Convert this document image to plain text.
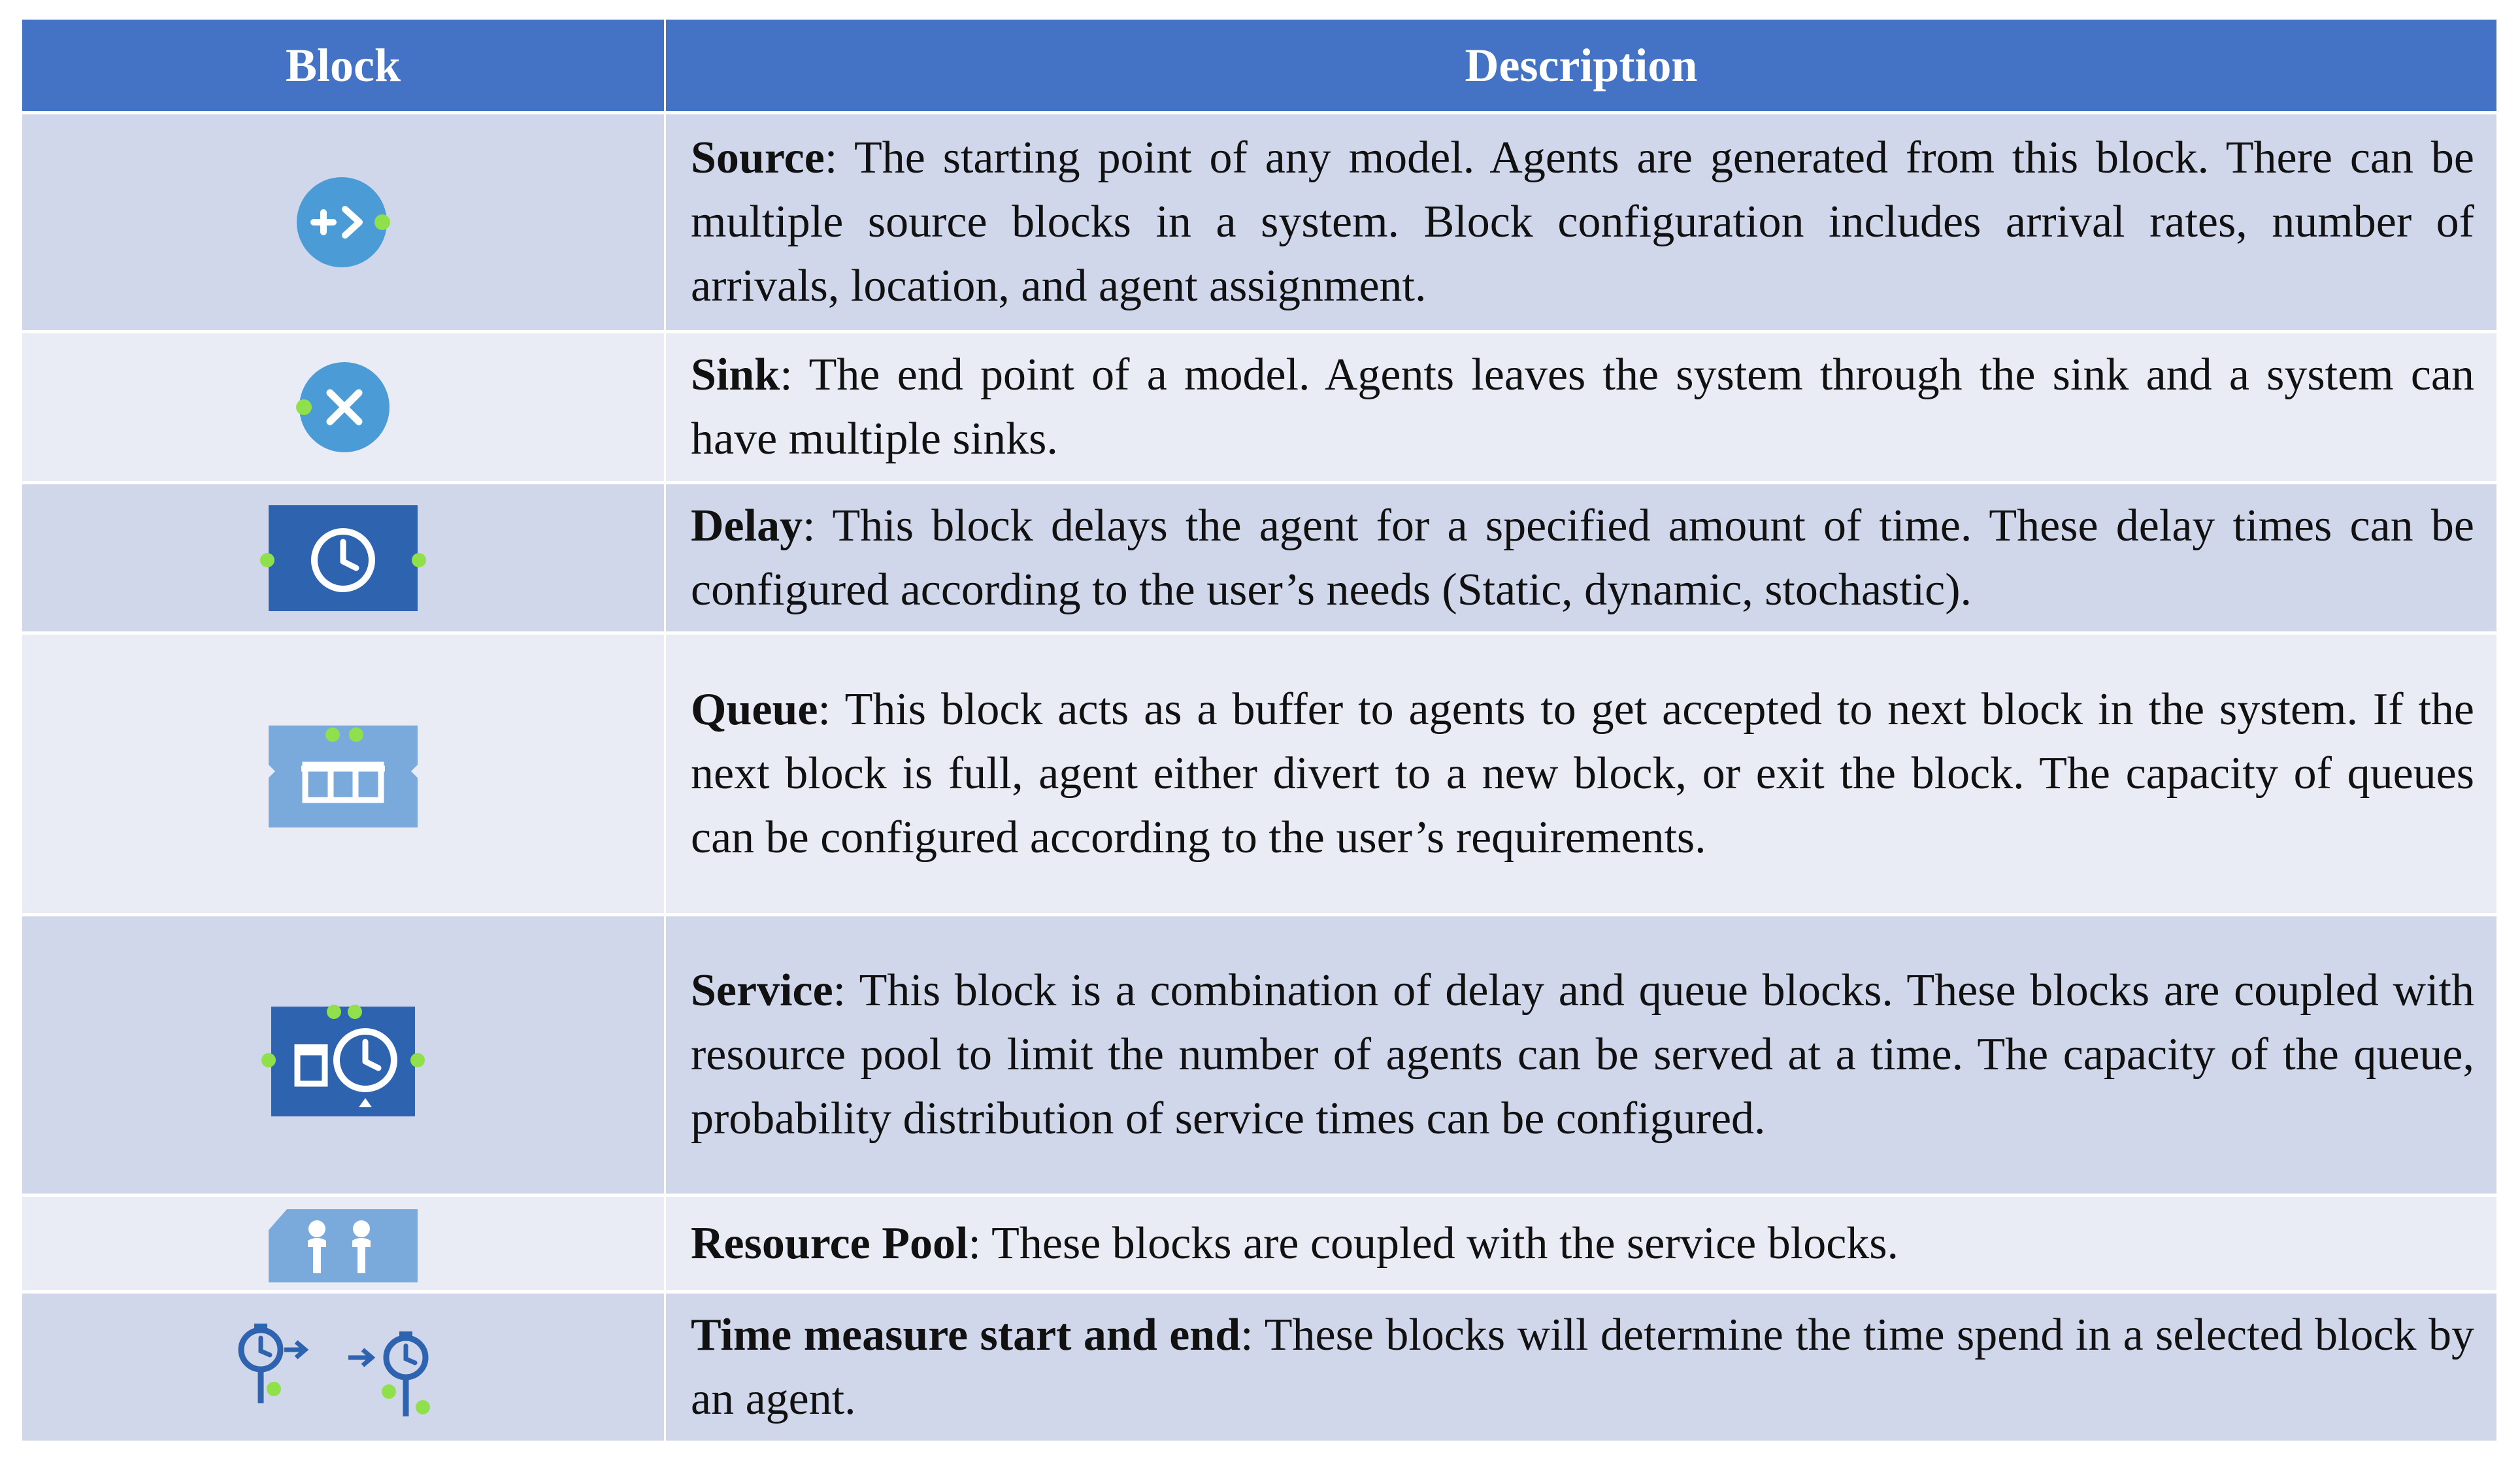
Block	Description

Source: The starting point of any model. Agents are generated from this block. There can be multiple source blocks in a system. Block configuration includes arrival rates, number of arrivals, location, and agent assignment.

Sink: The end point of a model. Agents leaves the system through the sink and a system can have multiple sinks.

Delay: This block delays the agent for a specified amount of time. These delay times can be configured according to the user’s needs (Static, dynamic, stochastic).

Queue: This block acts as a buffer to agents to get accepted to next block in the system. If the next block is full, agent either divert to a new block, or exit the block. The capacity of queues can be configured according to the user’s requirements.

Service: This block is a combination of delay and queue blocks. These blocks are coupled with resource pool to limit the number of agents can be served at a time. The capacity of the queue, probability distribution of service times can be configured.

Resource Pool: These blocks are coupled with the service blocks.

Time measure start and end: These blocks will determine the time spend in a selected block by an agent.
